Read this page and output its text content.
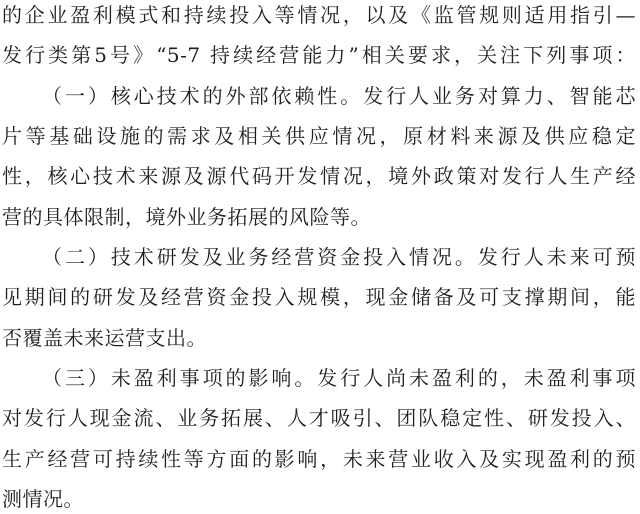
的企业盈利模式和持续投入等情况，以及《监管规则适用指引—
发行类第5号》“5-7 持续经营能力”相关要求，关注下列事项：
（一）核心技术的外部依赖性。发行人业务对算力、智能芯
片等基础设施的需求及相关供应情况，原材料来源及供应稳定
性，核心技术来源及源代码开发情况，境外政策对发行人生产经
营的具体限制，境外业务拓展的风险等。
（二）技术研发及业务经营资金投入情况。发行人未来可预
见期间的研发及经营资金投入规模，现金储备及可支撑期间，能
否覆盖未来运营支出。
（三）未盈利事项的影响。发行人尚未盈利的，未盈利事项
对发行人现金流、业务拓展、人才吸引、团队稳定性、研发投入、
生产经营可持续性等方面的影响，未来营业收入及实现盈利的预
测情况。
